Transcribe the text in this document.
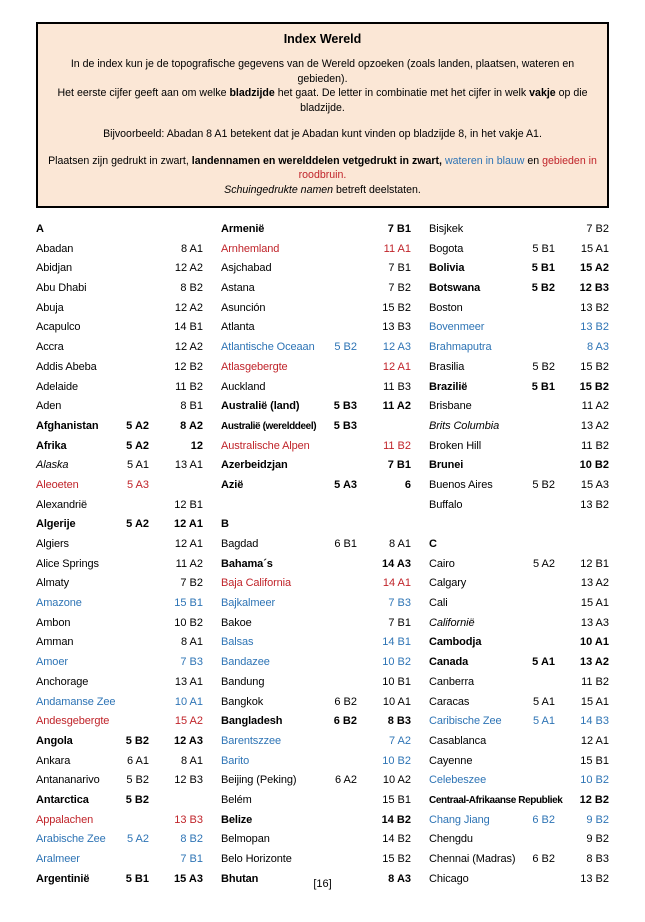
Index Wereld
In de index kun je de topografische gegevens van de Wereld opzoeken (zoals landen, plaatsen, wateren en gebieden).
Het eerste cijfer geeft aan om welke bladzijde het gaat. De letter in combinatie met het cijfer in welk vakje op die bladzijde.
Bijvoorbeeld: Abadan 8 A1 betekent dat je Abadan kunt vinden op bladzijde 8, in het vakje A1.
Plaatsen zijn gedrukt in zwart, landennamen en werelddelen vetgedrukt in zwart, wateren in blauw en gebieden in roodbruin.
Schuingedrukte namen betreft deelstaten.
A
Abadan	8 A1
Abidjan	12 A2
Abu Dhabi	8 B2
Abuja	12 A2
Acapulco	14 B1
Accra	12 A2
Addis Abeba	12 B2
Adelaide	11 B2
Aden	8 B1
Afghanistan	5 A2	8 A2
Afrika	5 A2	12
Alaska	5 A1	13 A1
Aleoeten	5 A3
Alexandrië	12 B1
Algerije	5 A2	12 A1
Algiers	12 A1
Alice Springs	11 A2
Almaty	7 B2
Amazone	15 B1
Ambon	10 B2
Amman	8 A1
Amoer	7 B3
Anchorage	13 A1
Andamanse Zee	10 A1
Andesgebergte	15 A2
Angola	5 B2	12 A3
Ankara	6 A1	8 A1
Antananarivo	5 B2	12 B3
Antarctica	5 B2
Appalachen	13 B3
Arabische Zee	5 A2	8 B2
Aralmeer	7 B1
Argentinië	5 B1	15 A3
Armenië	7 B1
Arnhemland	11 A1
Asjchabad	7 B1
Astana	7 B2
Asunción	15 B2
Atlanta	13 B3
Atlantische Oceaan	5 B2	12 A3
Atlasgebergte	12 A1
Auckland	11 B3
Australië (land)	5 B3	11 A2
Australië (werelddeel)	5 B3
Australische Alpen	11 B2
Azerbeidzjan	7 B1
Azië	5 A3	6
B
Bagdad	6 B1	8 A1
Bahama´s	14 A3
Baja California	14 A1
Bajkalmeer	7 B3
Bakoe	7 B1
Balsas	14 B1
Bandazee	10 B2
Bandung	10 B1
Bangkok	6 B2	10 A1
Bangladesh	6 B2	8 B3
Barentszzee	7 A2
Barito	10 B2
Beijing (Peking)	6 A2	10 A2
Belém	15 B1
Belize	14 B2
Belmopan	14 B2
Belo Horizonte	15 B2
Bhutan	8 A3
Bisjkek	7 B2
Bogota	5 B1	15 A1
Bolivia	5 B1	15 A2
Botswana	5 B2	12 B3
Boston	13 B2
Bovenmeer	13 B2
Brahmaputra	8 A3
Brasilia	5 B2	15 B2
Brazilië	5 B1	15 B2
Brisbane	11 A2
Brits Columbia	13 A2
Broken Hill	11 B2
Brunei	10 B2
Buenos Aires	5 B2	15 A3
Buffalo	13 B2
C
Cairo	5 A2	12 B1
Calgary	13 A2
Cali	15 A1
Californië	13 A3
Cambodja	10 A1
Canada	5 A1	13 A2
Canberra	11 B2
Caracas	5 A1	15 A1
Caribische Zee	5 A1	14 B3
Casablanca	12 A1
Cayenne	15 B1
Celebeszee	10 B2
Centraal-Afrikaanse Republiek	12 B2
Chang Jiang	6 B2	9 B2
Chengdu	9 B2
Chennai (Madras)	6 B2	8 B3
Chicago	13 B2
[16]
